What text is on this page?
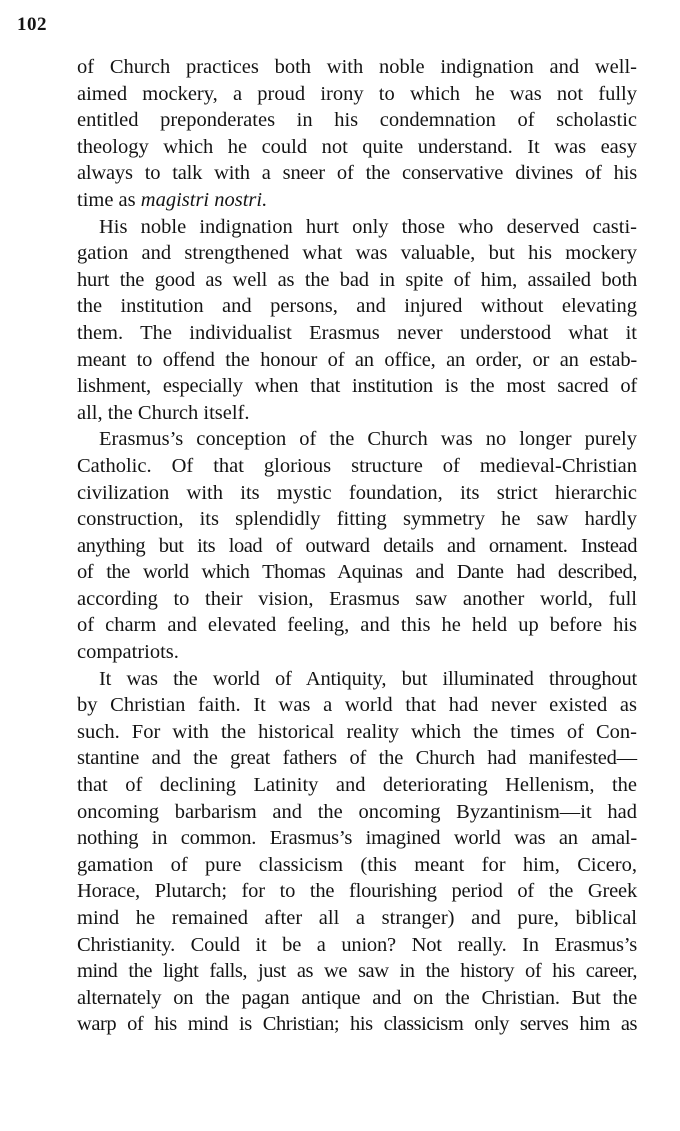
102
of Church practices both with noble indignation and well-
aimed mockery, a proud irony to which he was not fully
entitled preponderates in his condemnation of scholastic
theology which he could not quite understand. It was easy
always to talk with a sneer of the conservative divines of his
time as magistri nostri.
His noble indignation hurt only those who deserved casti-
gation and strengthened what was valuable, but his mockery
hurt the good as well as the bad in spite of him, assailed both
the institution and persons, and injured without elevating
them. The individualist Erasmus never understood what it
meant to offend the honour of an office, an order, or an estab-
lishment, especially when that institution is the most sacred of
all, the Church itself.
Erasmus’s conception of the Church was no longer purely
Catholic. Of that glorious structure of medieval-Christian
civilization with its mystic foundation, its strict hierarchic
construction, its splendidly fitting symmetry he saw hardly
anything but its load of outward details and ornament. Instead
of the world which Thomas Aquinas and Dante had described,
according to their vision, Erasmus saw another world, full
of charm and elevated feeling, and this he held up before his
compatriots.
It was the world of Antiquity, but illuminated throughout
by Christian faith. It was a world that had never existed as
such. For with the historical reality which the times of Con-
stantine and the great fathers of the Church had manifested—
that of declining Latinity and deteriorating Hellenism, the
oncoming barbarism and the oncoming Byzantinism—it had
nothing in common. Erasmus’s imagined world was an amal-
gamation of pure classicism (this meant for him, Cicero,
Horace, Plutarch; for to the flourishing period of the Greek
mind he remained after all a stranger) and pure, biblical
Christianity. Could it be a union? Not really. In Erasmus’s
mind the light falls, just as we saw in the history of his career,
alternately on the pagan antique and on the Christian. But the
warp of his mind is Christian; his classicism only serves him as
